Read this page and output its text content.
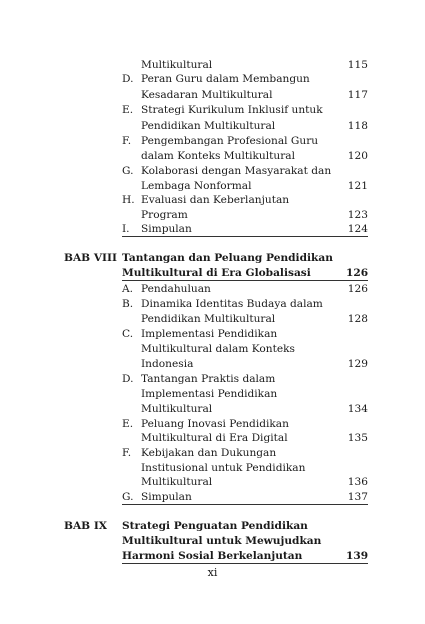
Multikultural .....	115
D. Peran Guru dalam Membangun
Kesadaran Multikultural .....	117
E. Strategi Kurikulum Inklusif untuk
Pendidikan Multikultural .....	118
F. Pengembangan Profesional Guru
dalam Konteks Multikultural .....	120
G. Kolaborasi dengan Masyarakat dan
Lembaga Nonformal .....	121
H. Evaluasi dan Keberlanjutan
Program .....	123
I. Simpulan .....	124
BAB VIII Tantangan dan Peluang Pendidikan
Multikultural di Era Globalisasi .....	126
A. Pendahuluan .....	126
B. Dinamika Identitas Budaya dalam
Pendidikan Multikultural .....	128
C. Implementasi Pendidikan
Multikultural dalam Konteks
Indonesia .....	129
D. Tantangan Praktis dalam
Implementasi Pendidikan
Multikultural .....	134
E. Peluang Inovasi Pendidikan
Multikultural di Era Digital .....	135
F. Kebijakan dan Dukungan
Institusional untuk Pendidikan
Multikultural .....	136
G. Simpulan .....	137
BAB IX Strategi Penguatan Pendidikan
Multikultural untuk Mewujudkan
Harmoni Sosial Berkelanjutan .....	139
xi
